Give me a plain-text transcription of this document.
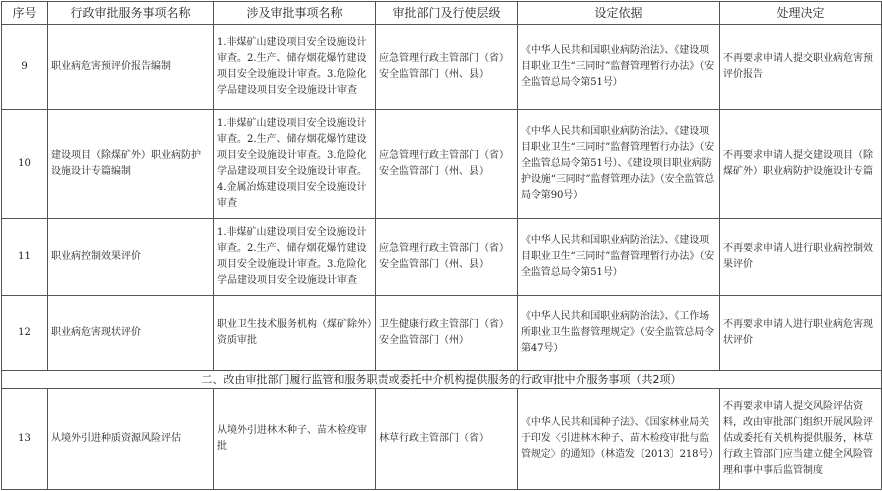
序号	行政审批服务事项名称	涉及审批事项名称	审批部门及行使层级	设定依据	处理决定
9	职业病危害预评价报告编制	1.非煤矿山建设项目安全设施设计审查。2.生产、储存烟花爆竹建设项目安全设施设计审查。3.危险化学品建设项目安全设施设计审查	应急管理行政主管部门（省）安全监管部门（州、县）	《中华人民共和国职业病防治法》、《建设项目职业卫生“三同时”监督管理暂行办法》（安全监管总局令第51号）	不再要求申请人提交职业病危害预评价报告
10	建设项目（除煤矿外）职业病防护设施设计专篇编制	1.非煤矿山建设项目安全设施设计审查。2.生产、储存烟花爆竹建设项目安全设施设计审查。3.危险化学品建设项目安全设施设计审查。4.金属冶炼建设项目安全设施设计审查	应急管理行政主管部门（省）安全监管部门（州、县）	《中华人民共和国职业病防治法》、《建设项目职业卫生“三同时”监督管理暂行办法》（安全监管总局令第51号）、《建设项目职业病防护设施“三同时”监督管理办法》（安全监管总局令第90号）	不再要求申请人提交建设项目（除煤矿外）职业病防护设施设计专篇
11	职业病控制效果评价	1.非煤矿山建设项目安全设施设计审查。2.生产、储存烟花爆竹建设项目安全设施设计审查。3.危险化学品建设项目安全设施设计审查	应急管理行政主管部门（省）安全监管部门（州、县）	《中华人民共和国职业病防治法》、《建设项目职业卫生“三同时”监督管理暂行办法》（安全监管总局令第51号）	不再要求申请人进行职业病控制效果评价
12	职业病危害现状评价	职业卫生技术服务机构（煤矿除外）资质审批	卫生健康行政主管部门（省）安全监管部门（州）	《中华人民共和国职业病防治法》、《工作场所职业卫生监督管理规定》（安全监管总局令第47号）	不再要求申请人进行职业病危害现状评价
二、改由审批部门履行监管和服务职责或委托中介机构提供服务的行政审批中介服务事项（共2项）					
13	从境外引进种质资源风险评估	从境外引进林木种子、苗木检疫审批	林草行政主管部门（省）	《中华人民共和国种子法》、《国家林业局关于印发〈引进林木种子、苗木检疫审批与监管规定〉的通知》（林造发〔2013〕218号）	不再要求申请人提交风险评估资料，改由审批部门组织开展风险评估或委托有关机构提供服务，林草行政主管部门应当建立健全风险管理和事中事后监管制度
